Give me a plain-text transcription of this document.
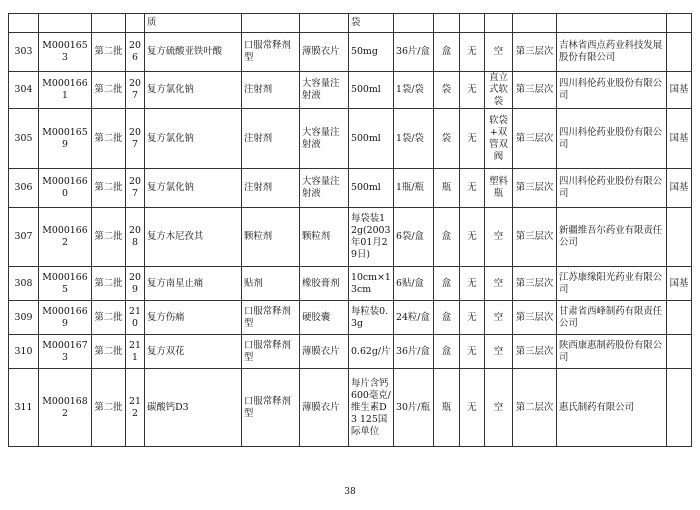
				质			袋							
303	M0001653	第二批	206	复方硫酸亚铁叶酸	口服常释剂型	薄膜衣片	50mg	36片/盒	盒	无	空	第三层次	吉林省西点药业科技发展股份有限公司	
304	M0001661	第二批	207	复方氯化钠	注射剂	大容量注射液	500ml	1袋/袋	袋	无	直立式软袋	第三层次	四川科伦药业股份有限公司	国基
305	M0001659	第二批	207	复方氯化钠	注射剂	大容量注射液	500ml	1袋/袋	袋	无	软袋+双管双阀	第三层次	四川科伦药业股份有限公司	国基
306	M0001660	第二批	207	复方氯化钠	注射剂	大容量注射液	500ml	1瓶/瓶	瓶	无	塑料瓶	第三层次	四川科伦药业股份有限公司	国基
307	M0001662	第二批	208	复方木尼孜其	颗粒剂	颗粒剂	每袋装12g(2003年01月29日)	6袋/盒	盒	无	空	第三层次	新疆维吾尔药业有限责任公司	
308	M0001665	第二批	209	复方南星止痛	贴剂	橡胶膏剂	10cm×13cm	6贴/盒	盒	无	空	第三层次	江苏康缘阳光药业有限公司	国基
309	M0001669	第二批	210	复方伤痛	口服常释剂型	硬胶囊	每粒装0.3g	24粒/盒	盒	无	空	第三层次	甘肃省西峰制药有限责任公司	
310	M0001673	第二批	211	复方双花	口服常释剂型	薄膜衣片	0.62g/片	36片/盒	盒	无	空	第三层次	陕西康惠制药股份有限公司	
311	M0001682	第二批	212	碳酸钙D3	口服常释剂型	薄膜衣片	每片含钙600毫克/维生素D3 125国际单位	30片/瓶	瓶	无	空	第二层次	惠氏制药有限公司	
38
